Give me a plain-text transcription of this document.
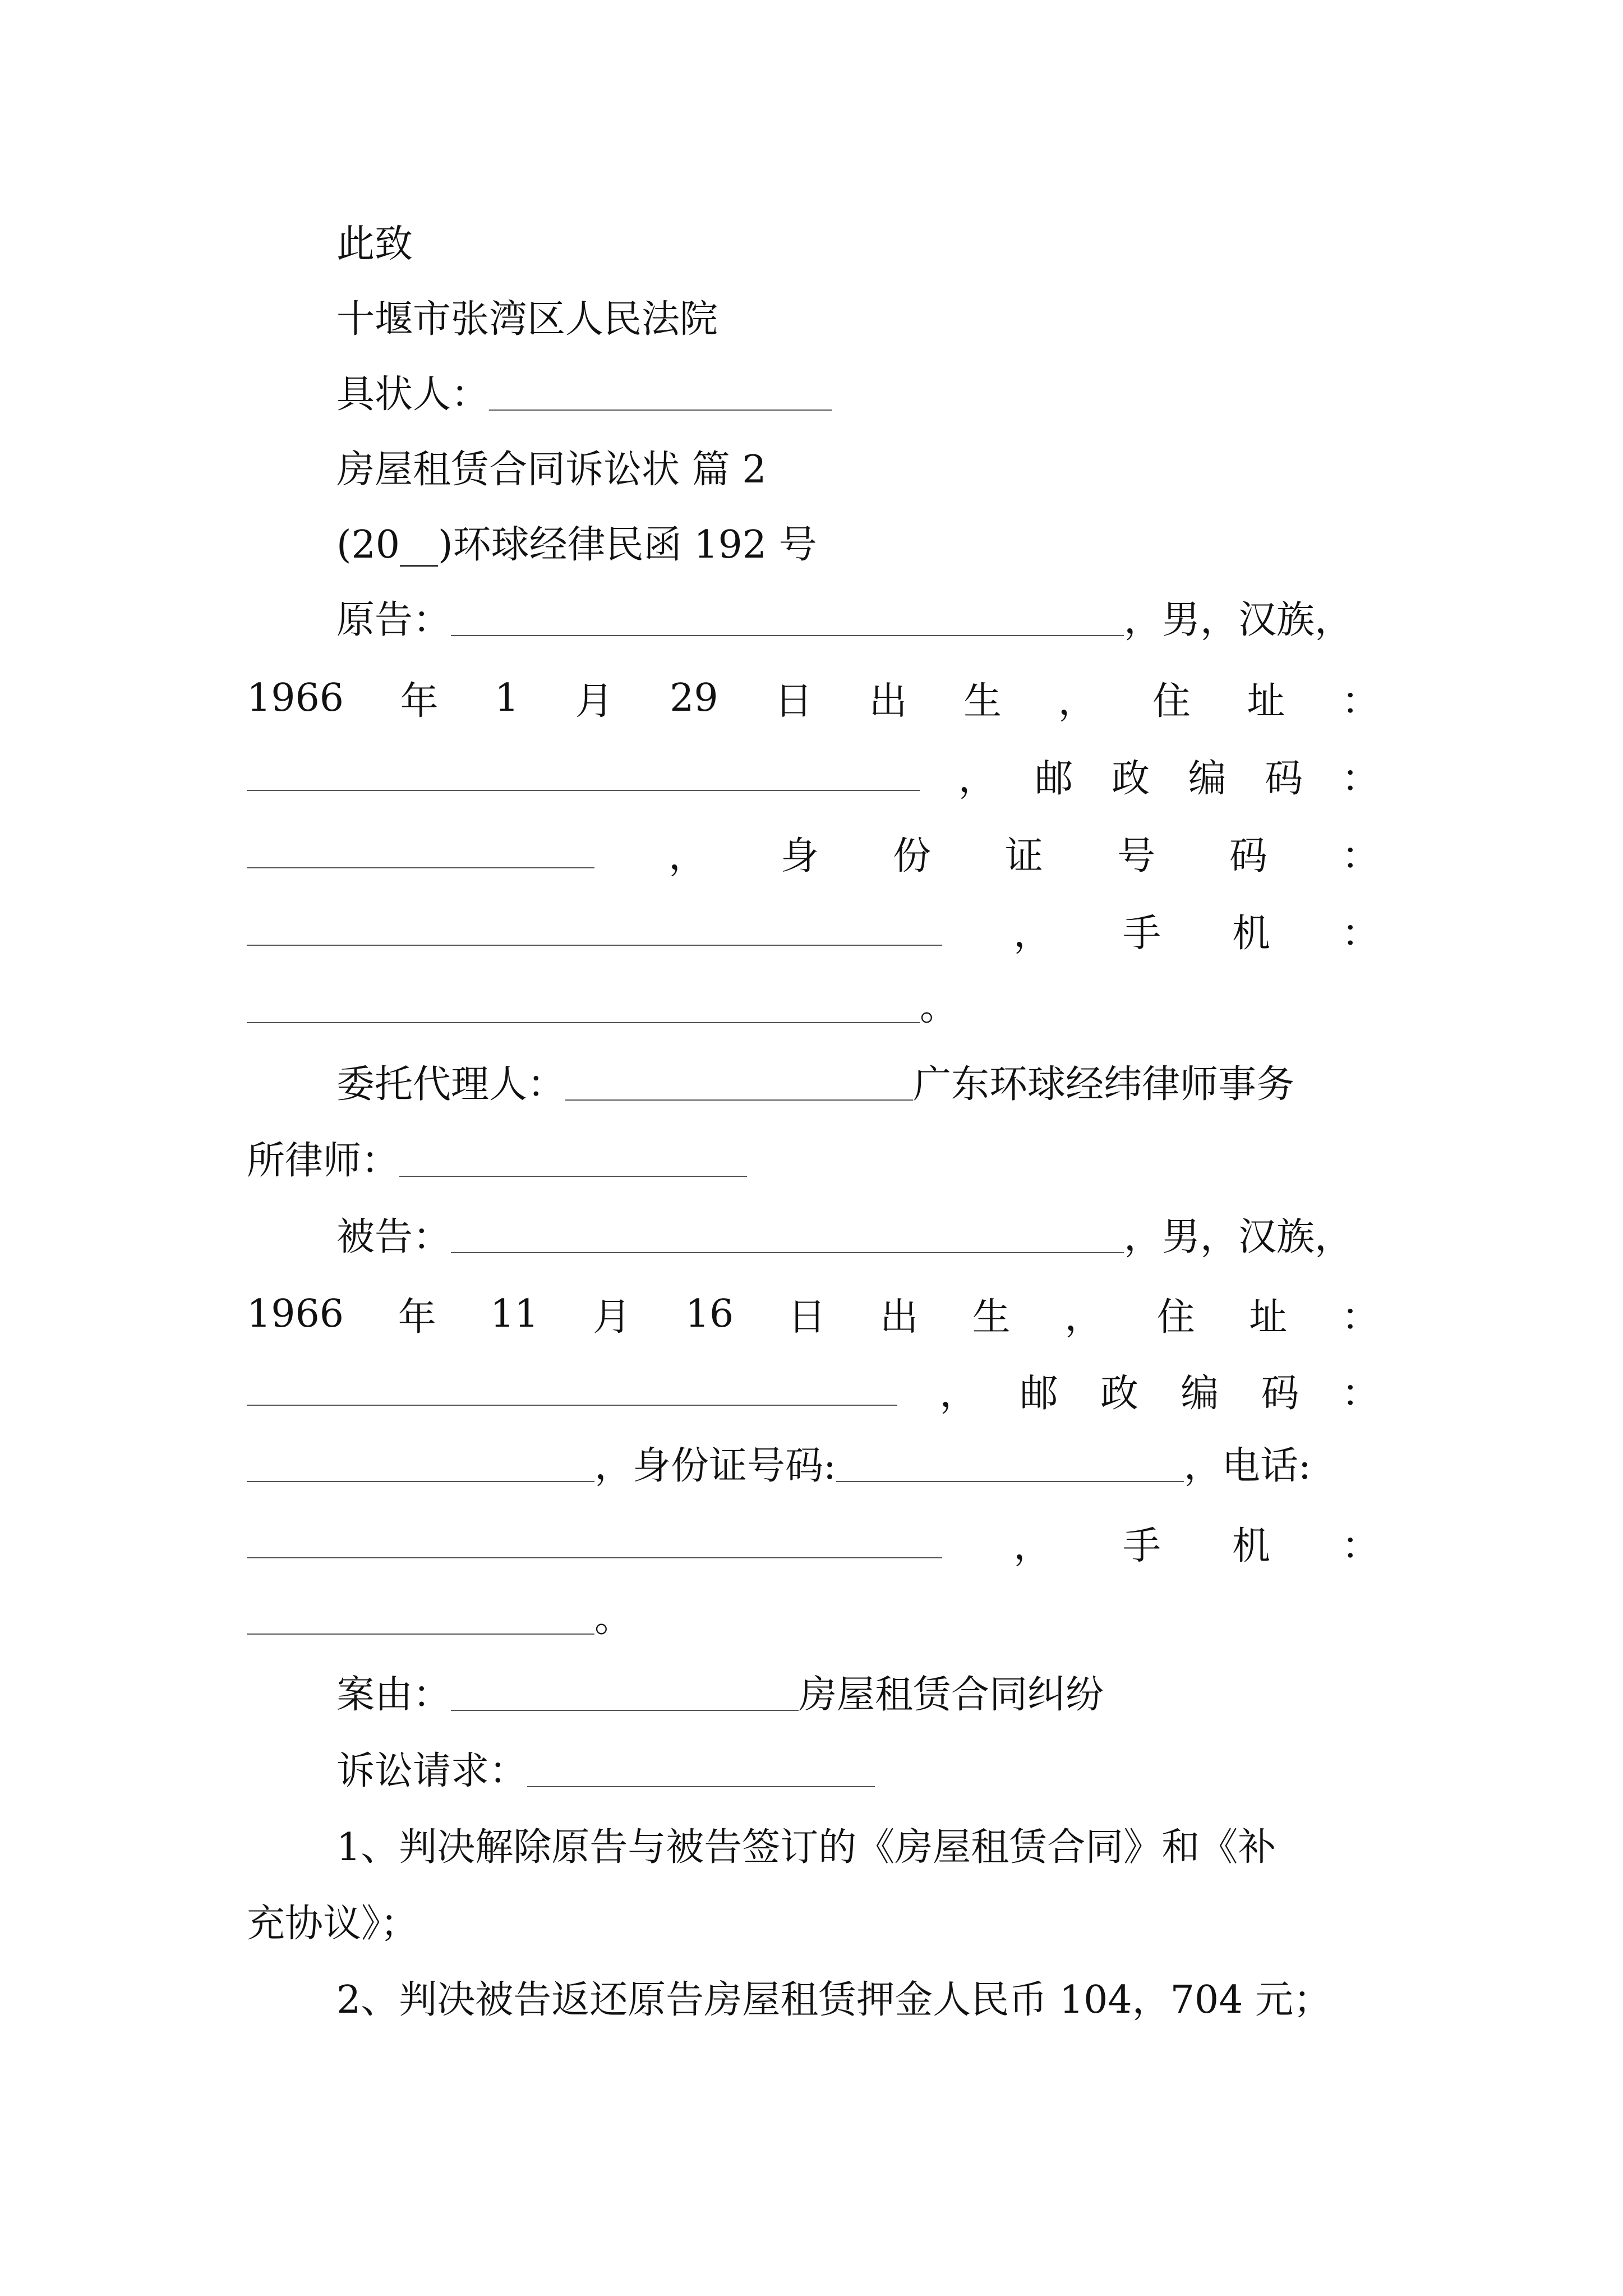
此致
十堰市张湾区人民法院
具状人：
房屋租赁合同诉讼状 篇 2
(20__)环球经律民函 192 号
原告：	，男，汉族，
1966 年 1 月 29 日 出 生 ， 住 址 ：
， 邮 政 编 码 ：
， 身 份 证 号 码 ：
， 手 机 ：
。
委托代理人：	广东环球经纬律师事务
所律师：
被告：	，男，汉族，
1966 年 11 月 16 日 出 生 ， 住 址 ：
， 邮 政 编 码 ：
，身份证号码:	，电话:
， 手 机 ：
。
案由：	房屋租赁合同纠纷
诉讼请求：
1、判决解除原告与被告签订的《房屋租赁合同》和《补
充协议》；
2、判决被告返还原告房屋租赁押金人民币 104，704 元；
